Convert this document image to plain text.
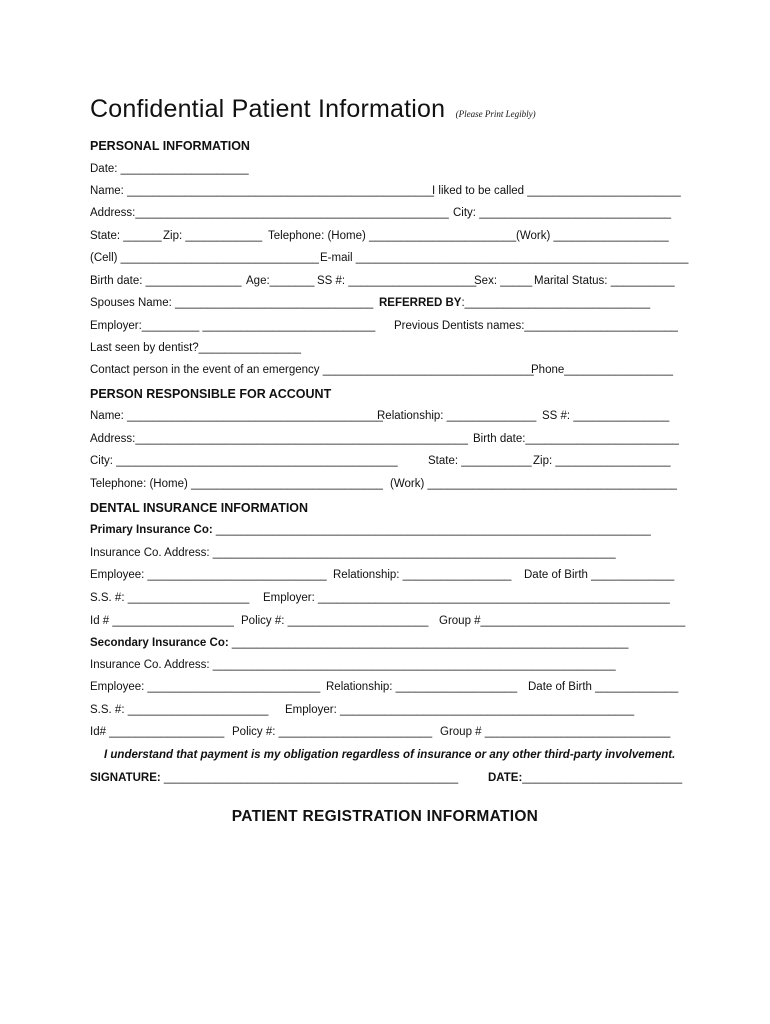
Confidential Patient Information (Please Print Legibly)
PERSONAL INFORMATION
Date: ____________________
Name: ________________________________________________
I liked to be called ________________________
Address:_________________________________________________ City: ______________________________
State: ______ Zip: ____________ Telephone: (Home) _______________________ (Work) __________________
(Cell) _______________________________ E-mail ____________________________________________________
Birth date: _______________ Age:_______ SS #: ____________________
Sex: _____ Marital Status: __________
Spouses Name: _______________________________ REFERRED BY:_____________________________
Employer:_________ ___________________________ Previous Dentists names:________________________
Last seen by dentist?________________
Contact person in the event of an emergency _________________________________
Phone_________________
PERSON RESPONSIBLE FOR ACCOUNT
Name: ________________________________________
Relationship: ______________ SS #: _______________
Address:____________________________________________________ Birth date:________________________
City: ____________________________________________	State: ___________ Zip: __________________
Telephone: (Home) ______________________________ (Work) _______________________________________
DENTAL INSURANCE INFORMATION
Primary Insurance Co: ____________________________________________________________________
Insurance Co. Address: _______________________________________________________________
Employee: ____________________________ Relationship: _________________ Date of Birth _____________
S.S. #: ___________________ Employer: _______________________________________________________
Id # ___________________ Policy #: ______________________ Group #________________________________
Secondary Insurance Co: ______________________________________________________________
Insurance Co. Address: _______________________________________________________________
Employee: ___________________________ Relationship: ___________________ Date of Birth _____________
S.S. #: ______________________ Employer: ______________________________________________
Id# __________________ Policy #: ________________________ Group # _____________________________
I understand that payment is my obligation regardless of insurance or any other third-party involvement.
SIGNATURE: ______________________________________________	DATE:_________________________
PATIENT REGISTRATION INFORMATION
